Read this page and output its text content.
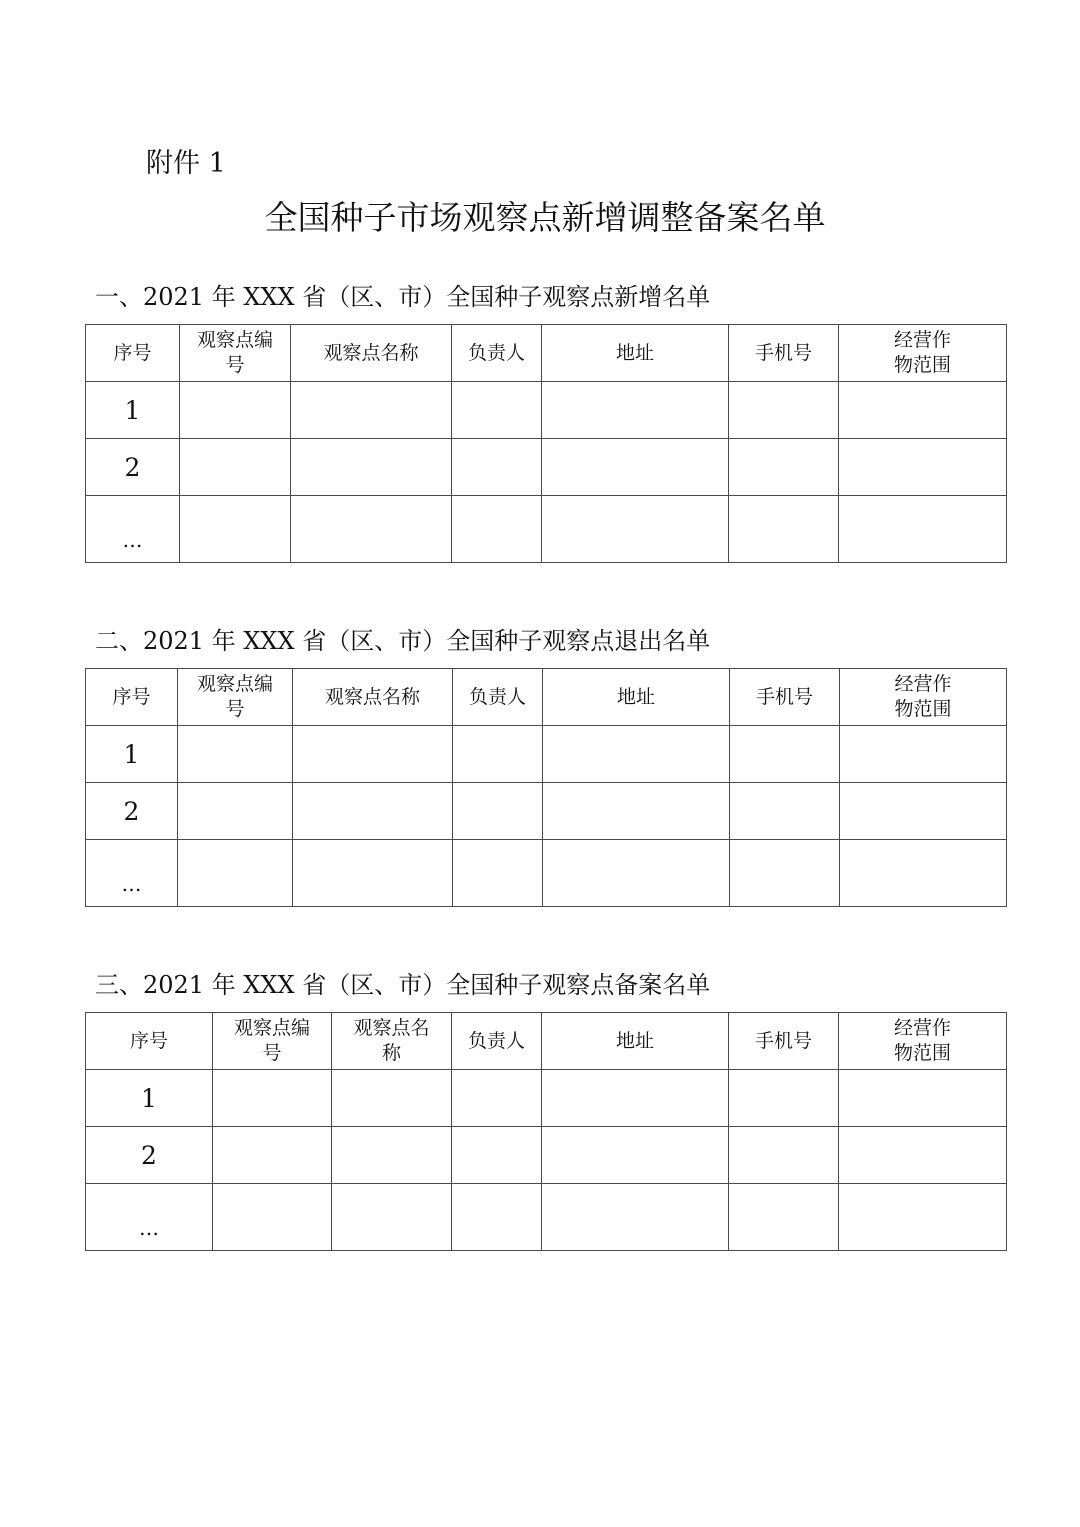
附件 1
全国种子市场观察点新增调整备案名单
一、2021 年 XXX 省（区、市）全国种子观察点新增名单
序号	观察点编号	观察点名称	负责人	地址	手机号	经营作物范围

1						
2						
…						
二、2021 年 XXX 省（区、市）全国种子观察点退出名单
序号	观察点编号	观察点名称	负责人	地址	手机号	经营作物范围

1						
2						
…						
三、2021 年 XXX 省（区、市）全国种子观察点备案名单
序号	观察点编号	观察点名称	负责人	地址	手机号	经营作物范围

1						
2						
…						
